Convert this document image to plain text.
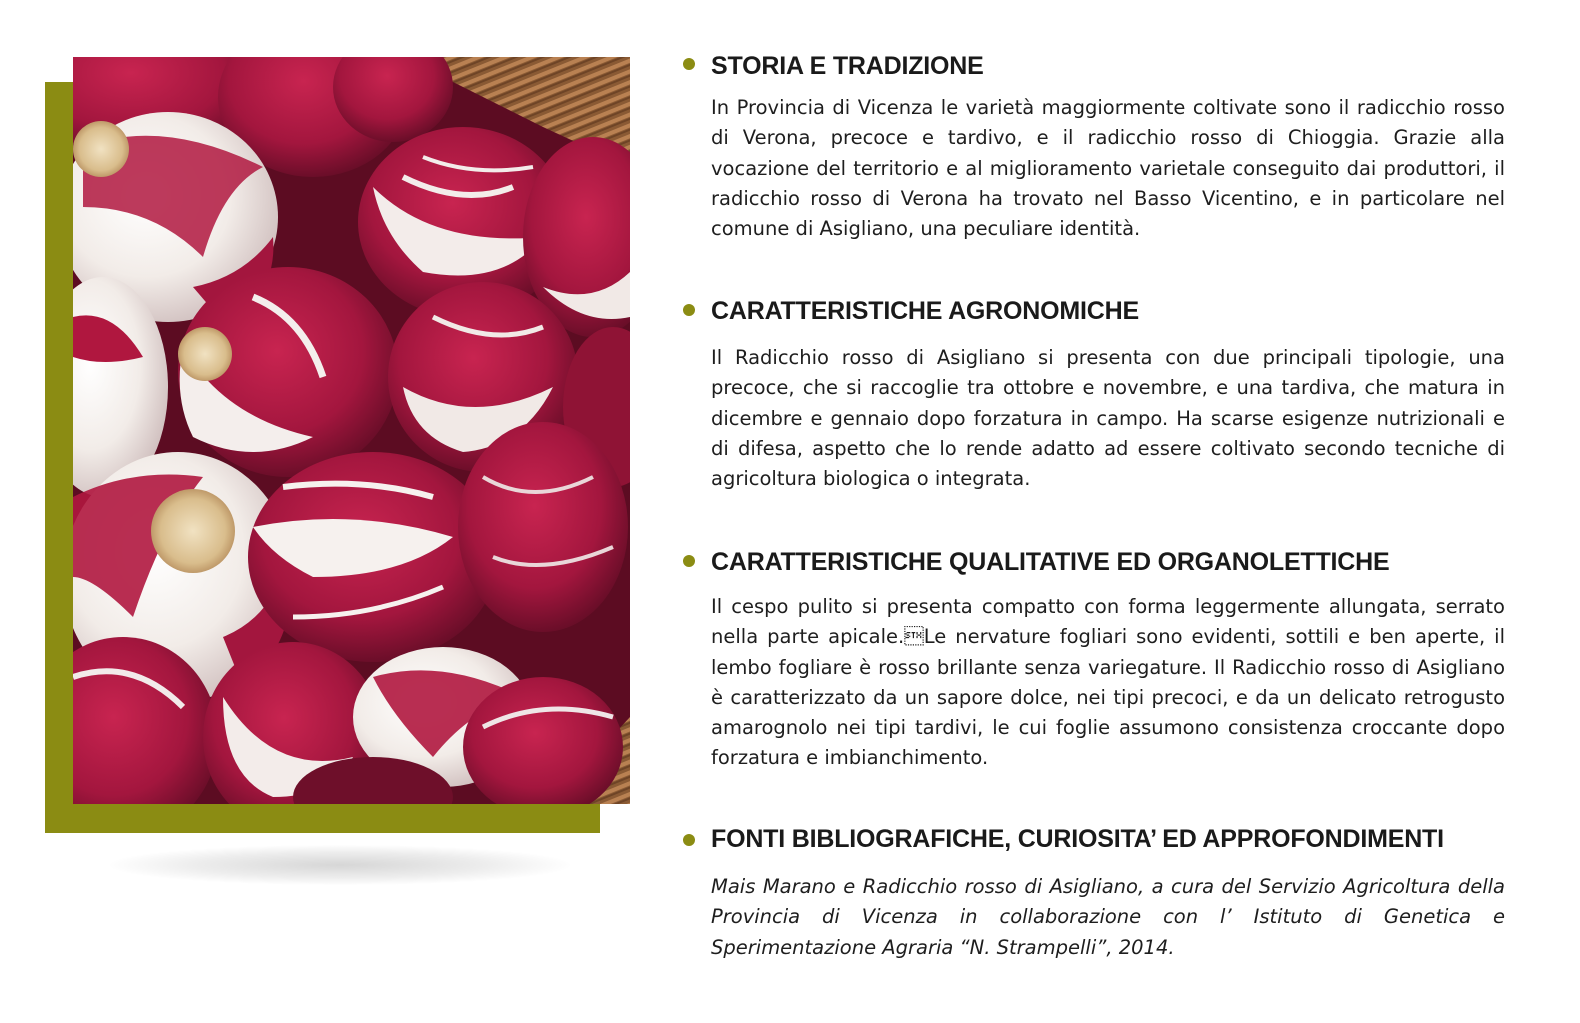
STORIA E TRADIZIONE

In Provincia di Vicenza le varietà maggiormente coltivate sono il radicchio rosso di Verona, precoce e tardivo, e il radicchio rosso di Chioggia. Grazie alla vocazione del territorio e al miglioramento varietale conseguito dai produttori, il radicchio rosso di Verona ha trovato nel Basso Vicentino, e in particolare nel comune di Asigliano, una peculiare identità.

CARATTERISTICHE AGRONOMICHE

Il Radicchio rosso di Asigliano si presenta con due principali tipologie, una precoce, che si raccoglie tra ottobre e novembre, e una tardiva, che matura in dicembre e gennaio dopo forzatura in campo. Ha scarse esigenze nutrizionali e di difesa, aspetto che lo rende adatto ad essere coltivato secondo tecniche di agricoltura biologica o integrata.

CARATTERISTICHE QUALITATIVE ED ORGANOLETTICHE

Il cespo pulito si presenta compatto con forma leggermente allungata, serrato nella parte apicale.Le nervature fogliari sono evidenti, sottili e ben aperte, il lembo fogliare è rosso brillante senza variegature. Il Radicchio rosso di Asigliano è caratterizzato da un sapore dolce, nei tipi precoci, e da un delicato retrogusto amarognolo nei tipi tardivi, le cui foglie assumono consistenza croccante dopo forzatura e imbianchimento.

FONTI BIBLIOGRAFICHE, CURIOSITA’ ED APPROFONDIMENTI

Mais Marano e Radicchio rosso di Asigliano, a cura del Servizio Agricoltura della Provincia di Vicenza in collaborazione con l’ Istituto di Genetica e Sperimentazione Agraria “N. Strampelli”, 2014.
